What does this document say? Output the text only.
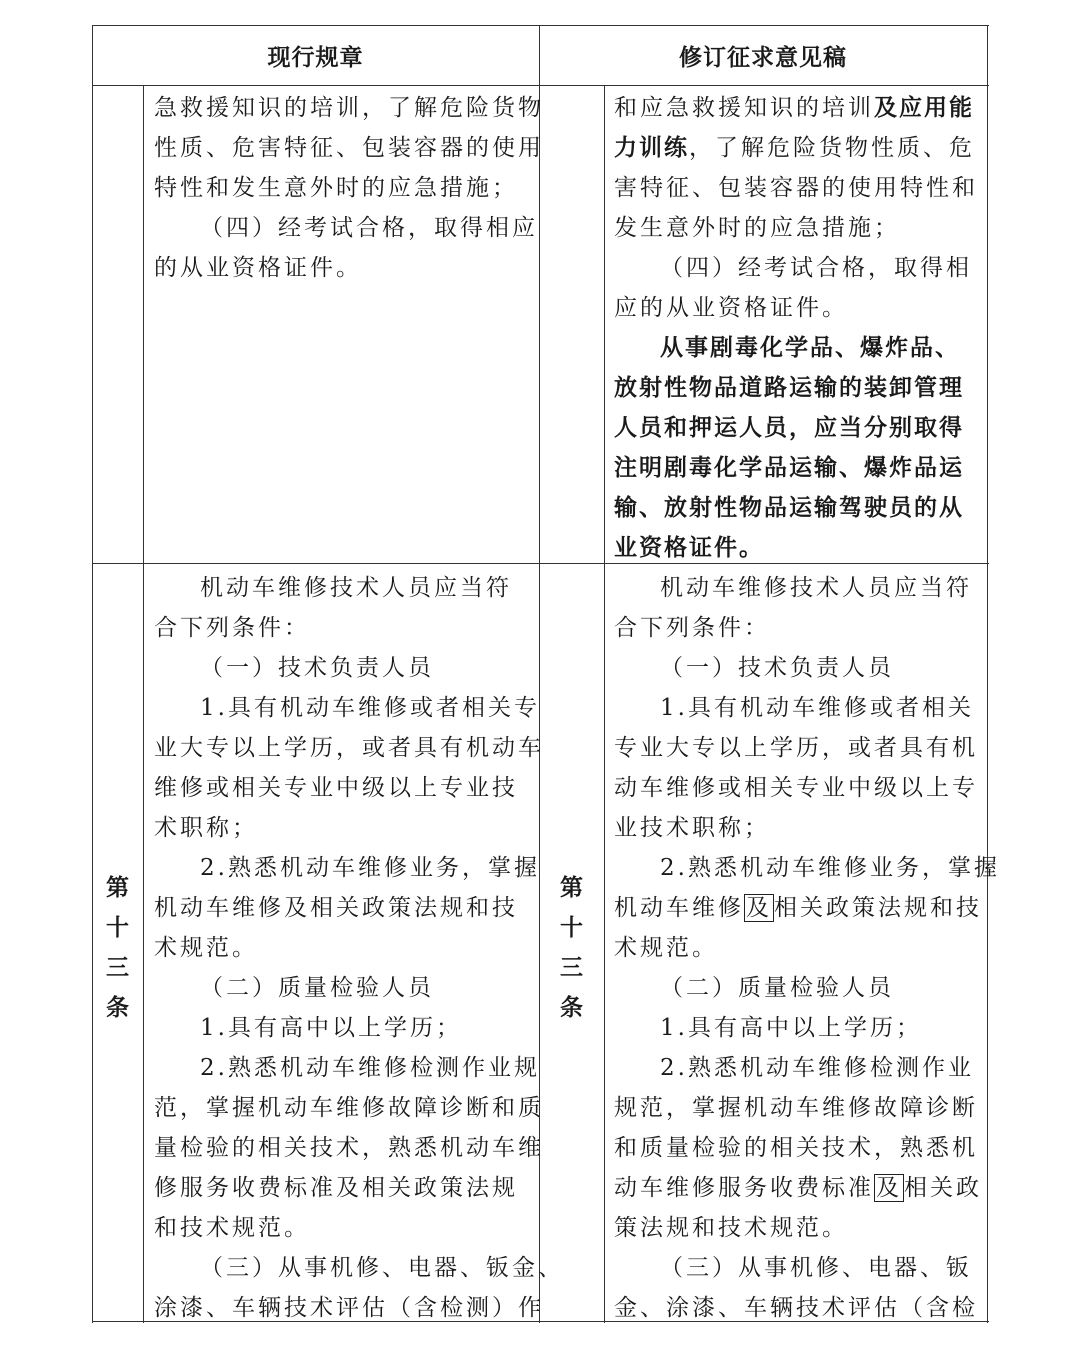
现行规章	修订征求意见稿

急救援知识的培训，了解危险货物

性质、危害特征、包装容器的使用

特性和发生意外时的应急措施；

（四）经考试合格，取得相应

的从业资格证件。

和应急救援知识的培训及应用能

力训练，了解危险货物性质、危

害特征、包装容器的使用特性和

发生意外时的应急措施；

（四）经考试合格，取得相

应的从业资格证件。

从事剧毒化学品、爆炸品、

放射性物品道路运输的装卸管理

人员和押运人员，应当分别取得

注明剧毒化学品运输、爆炸品运

输、放射性物品运输驾驶员的从

业资格证件。

第
十
三
条
第
十
三
条

机动车维修技术人员应当符

合下列条件：

（一）技术负责人员

1.具有机动车维修或者相关专

业大专以上学历，或者具有机动车

维修或相关专业中级以上专业技

术职称；

2.熟悉机动车维修业务，掌握

机动车维修及相关政策法规和技

术规范。

（二）质量检验人员

1.具有高中以上学历；

2.熟悉机动车维修检测作业规

范，掌握机动车维修故障诊断和质

量检验的相关技术，熟悉机动车维

修服务收费标准及相关政策法规

和技术规范。

（三）从事机修、电器、钣金、

涂漆、车辆技术评估（含检测）作

机动车维修技术人员应当符

合下列条件：

（一）技术负责人员

1.具有机动车维修或者相关

专业大专以上学历，或者具有机

动车维修或相关专业中级以上专

业技术职称；

2.熟悉机动车维修业务，掌握

机动车维修及相关政策法规和技

术规范。

（二）质量检验人员

1.具有高中以上学历；

2.熟悉机动车维修检测作业

规范，掌握机动车维修故障诊断

和质量检验的相关技术，熟悉机

动车维修服务收费标准及相关政

策法规和技术规范。

（三）从事机修、电器、钣

金、涂漆、车辆技术评估（含检
